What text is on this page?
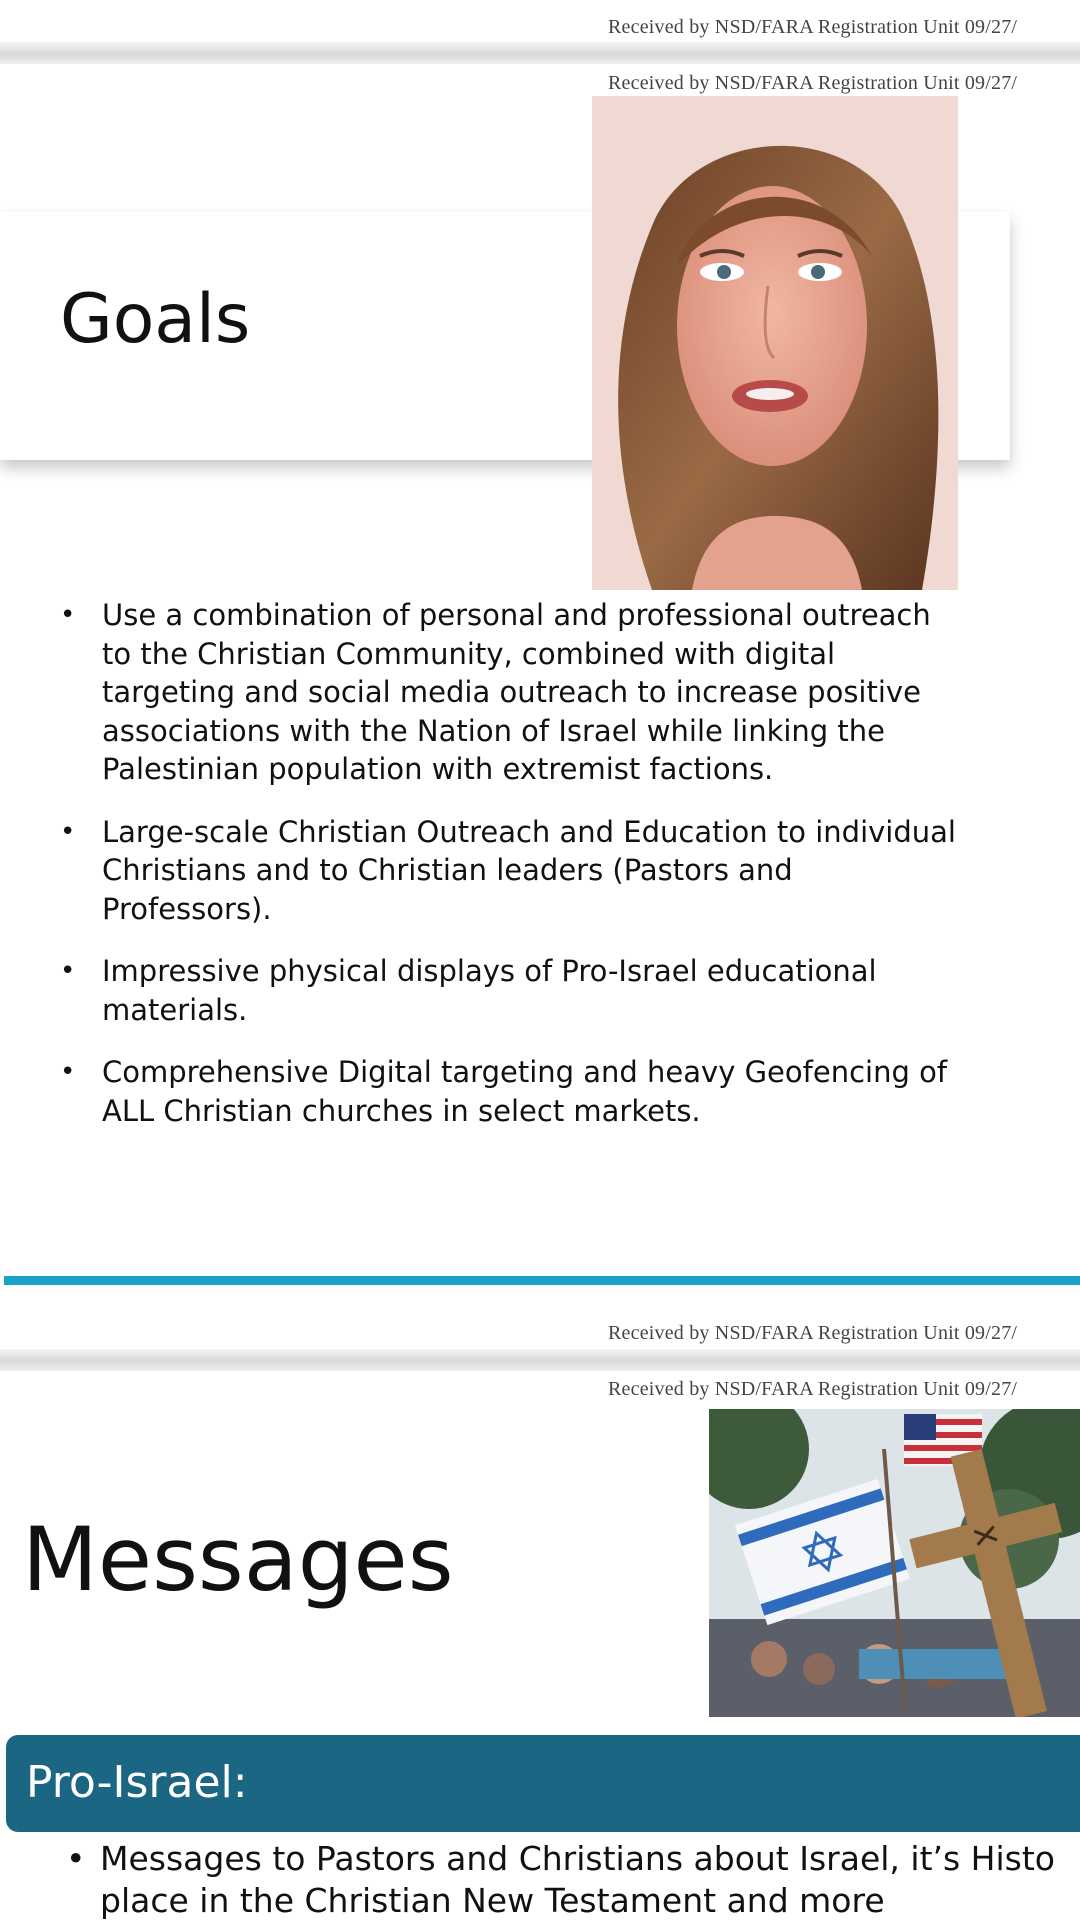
Received by NSD/FARA Registration Unit 09/27/
Received by NSD/FARA Registration Unit 09/27/
Goals
• Use a combination of personal and professional outreach to the Christian Community, combined with digital targeting and social media outreach to increase positive associations with the Nation of Israel while linking the Palestinian population with extremist factions.
• Large-scale Christian Outreach and Education to individual Christians and to Christian leaders (Pastors and Professors).
• Impressive physical displays of Pro-Israel educational materials.
• Comprehensive Digital targeting and heavy Geofencing of ALL Christian churches in select markets.
Received by NSD/FARA Registration Unit 09/27/
Received by NSD/FARA Registration Unit 09/27/
Messages
Pro-Israel:
• Messages to Pastors and Christians about Israel, it’s Histo
place in the Christian New Testament and more
